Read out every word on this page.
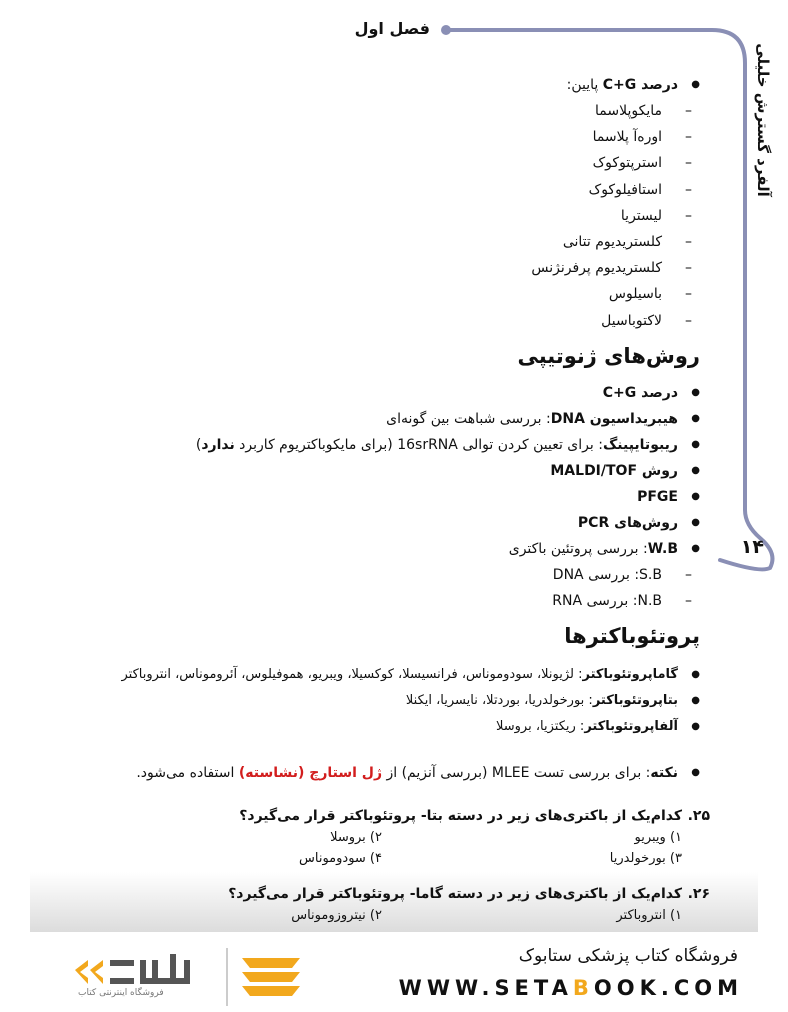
فصل اول
آلفرد گسترش خلیلی
۱۴
● درصد C+G پایین:
– مایکوپلاسما
– اوره‌آ پلاسما
– استرپتوکوک
– استافیلوکوک
– لیستریا
– کلستریدیوم تتانی
– کلستریدیوم پرفرنژنس
– باسیلوس
– لاکتوباسیل
روش‌های ژنوتیپی
● درصد C+G
● هیبریداسیون DNA: بررسی شباهت بین گونه‌ای
● ریبوتایپینگ: برای تعیین کردن توالی 16srRNA (برای مایکوباکتریوم کاربرد ندارد)
● روش MALDI/TOF
● PFGE
● روش‌های PCR
● W.B: بررسی پروتئین باکتری
– S.B: بررسی DNA
– N.B: بررسی RNA
پروتئوباکترها
● گاماپروتئوباکتر: لژیونلا، سودوموناس، فرانسیسلا، کوکسیلا، ویبریو، هموفیلوس، آئروموناس، انتروباکتر
● بتاپروتئوباکتر: بورخولدریا، بوردتلا، نایسریا، ایکنلا
● آلفاپروتئوباکتر: ریکتزیا، بروسلا
● نکته: برای بررسی تست MLEE (بررسی آنزیم) از ژل استارچ (نشاسته) استفاده می‌شود.
۲۵.کدام‌یک از باکتری‌های زیر در دسته بتا- پروتئوباکتر قرار می‌گیرد؟
۱) ویبریو
۲) بروسلا
۳) بورخولدریا
۴) سودوموناس
۲۶.کدام‌یک از باکتری‌های زیر در دسته گاما- پروتئوباکتر قرار می‌گیرد؟
۱) انتروباکتر
۲) نیتروزوموناس
فروشگاه کتاب پزشکی ستابوک
WWW.SETABOOK.COM
فروشگاه اینترنتی کتاب
